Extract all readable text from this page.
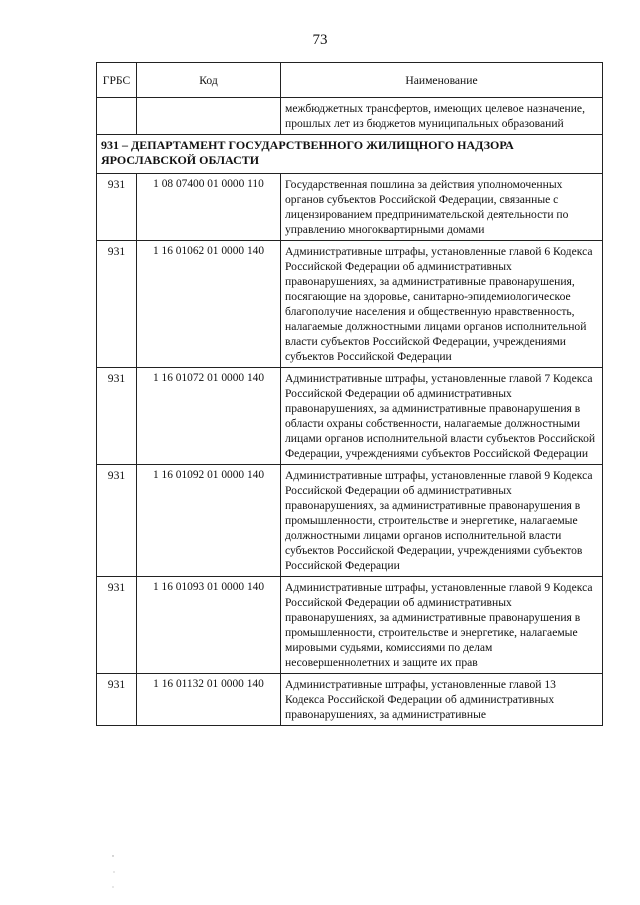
73
ГРБС	Код	Наименование
		межбюджетных трансфертов, имеющих целевое назначение, прошлых лет из бюджетов муниципальных образований
931 – ДЕПАРТАМЕНТ ГОСУДАРСТВЕННОГО ЖИЛИЩНОГО НАДЗОРА ЯРОСЛАВСКОЙ ОБЛАСТИ		
931	1 08 07400 01 0000 110	Государственная пошлина за действия уполномоченных органов субъектов Российской Федерации, связанные с лицензированием предпринимательской деятельности по управлению многоквартирными домами
931	1 16 01062 01 0000 140	Административные штрафы, установленные главой 6 Кодекса Российской Федерации об административных правонарушениях, за административные правонарушения, посягающие на здоровье, санитарно-эпидемиологическое благополучие населения и общественную нравственность, налагаемые должностными лицами органов исполнительной власти субъектов Российской Федерации, учреждениями субъектов Российской Федерации
931	1 16 01072 01 0000 140	Административные штрафы, установленные главой 7 Кодекса Российской Федерации об административных правонарушениях, за административные правонарушения в области охраны собственности, налагаемые должностными лицами органов исполнительной власти субъектов Российской Федерации, учреждениями субъектов Российской Федерации
931	1 16 01092 01 0000 140	Административные штрафы, установленные главой 9 Кодекса Российской Федерации об административных правонарушениях, за административные правонарушения в промышленности, строительстве и энергетике, налагаемые должностными лицами органов исполнительной власти субъектов Российской Федерации, учреждениями субъектов Российской Федерации
931	1 16 01093 01 0000 140	Административные штрафы, установленные главой 9 Кодекса Российской Федерации об административных правонарушениях, за административные правонарушения в промышленности, строительстве и энергетике, налагаемые мировыми судьями, комиссиями по делам несовершеннолетних и защите их прав
931	1 16 01132 01 0000 140	Административные штрафы, установленные главой 13 Кодекса Российской Федерации об административных правонарушениях, за административные
